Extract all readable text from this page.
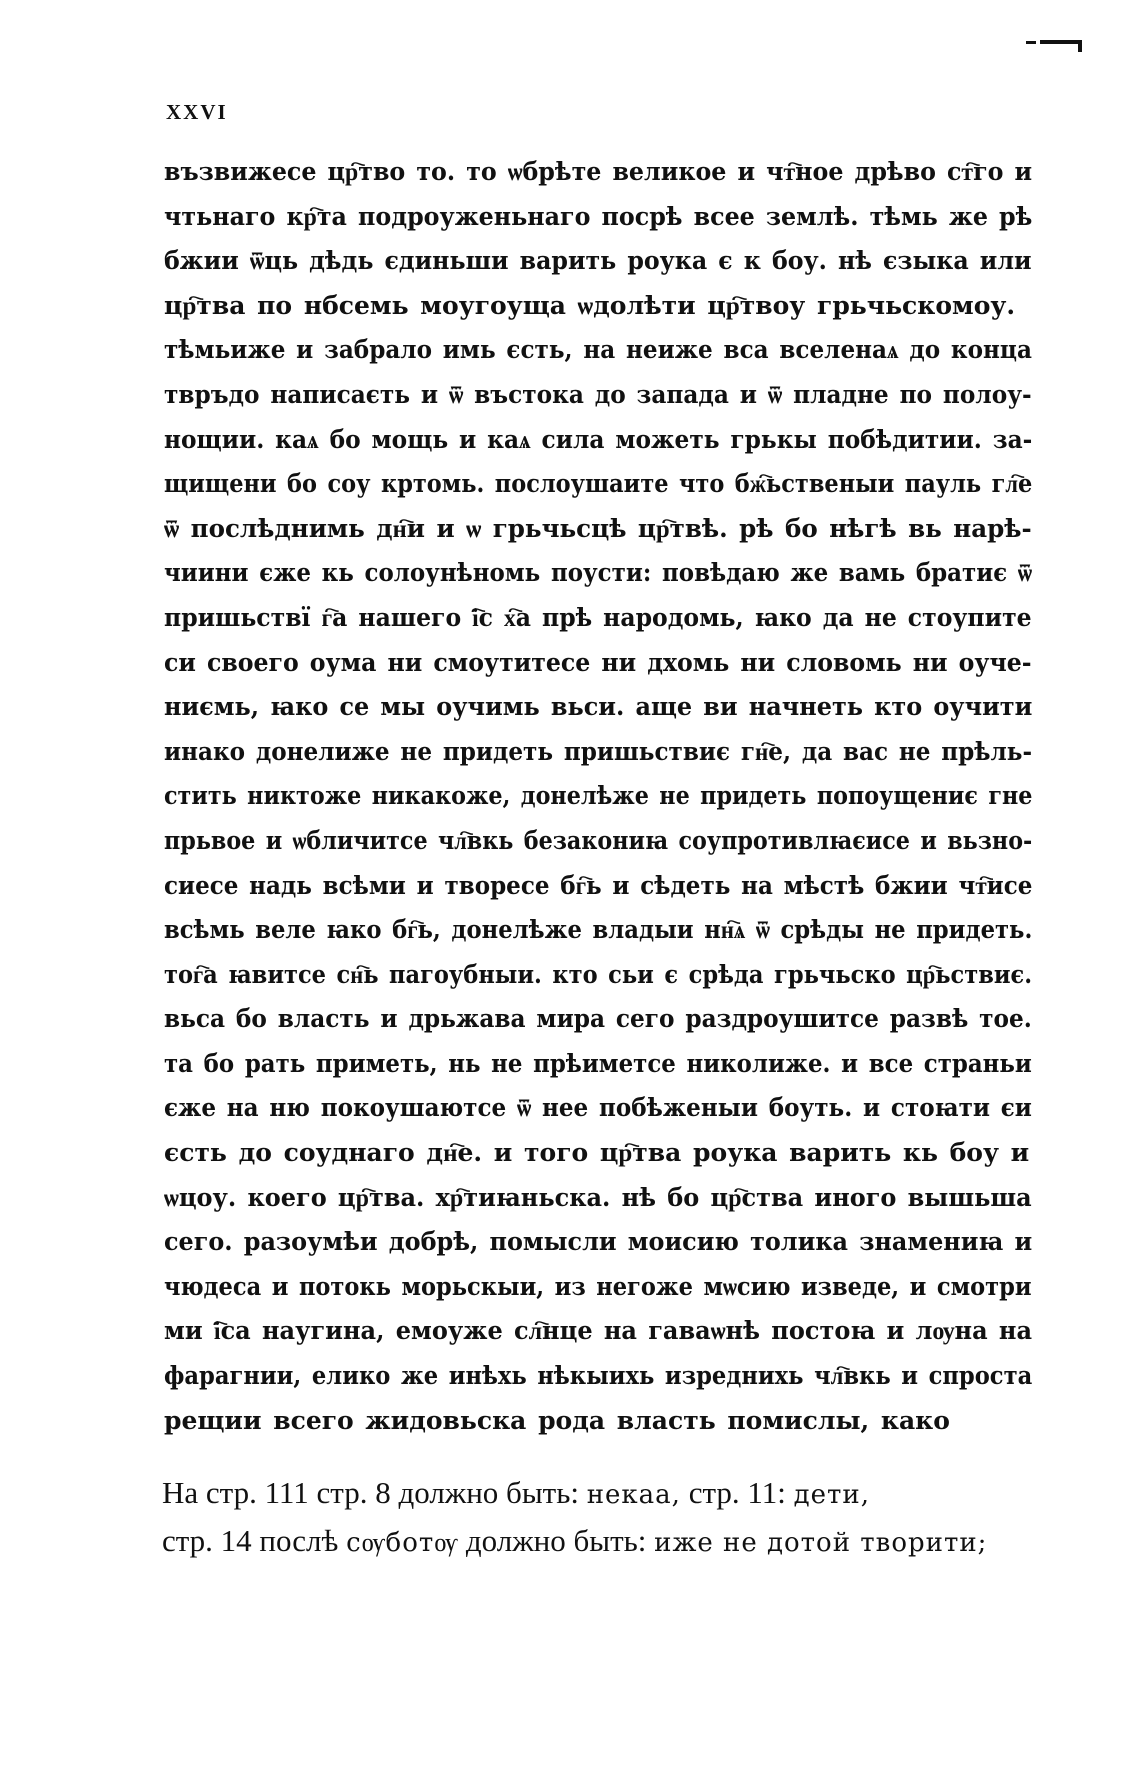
XXVI
възвижесе цр҇тво то. то ѡбрѣте великое и чт҇ное дрѣво ст҇го и
чтьнаго кр҇та подроуженьнаго посрѣ всее землѣ. тѣмь же рѣ
бжии ѿць дѣдь єдиньши варить роука є к боу. нѣ єзыка или
цр҇тва по нбсемь моугоуща ѡдолѣти цр҇твоу грьчьскомоу.
тѣмьиже и забрало имь єсть, на неиже вса вселенаѧ до конца
твръдо написаєть и ѿ въстока до запада и ѿ пладне по полоу-
нощии. каѧ бо мощь и каѧ сила можеть грькы побѣдитии. за-
щищени бо соу кртомь. послоушаите что бж҇ьственыи пауль гл҇е
ѿ послѣднимь дн҇и и ѡ грьчьсцѣ цр҇твѣ. рѣ бо нѣгѣ вь нарѣ-
чиини єже кь солоунѣномь поусти: повѣдаю же вамь братиє ѿ
пришьствї г҇а нашего і҇с х҇а прѣ народомь, ꙗко да не стоупите
си своего оума ни смоутитесе ни дхомь ни словомь ни оуче-
ниємь, ꙗко се мы оучимь вьси. аще ви начнеть кто оучити
инако донелиже не придеть пришьствиє гн҇е, да вас не прѣль-
стить никтоже никакоже, донелѣже не придеть попоущениє гне
прьвое и ѡбличитсе чл҇вкь безакониꙗ соупротивлꙗєисе и вьзно-
сиесе надь всѣми и творесе бг҇ь и сѣдеть на мѣстѣ бжии чт҇исе
всѣмь веле ꙗко бг҇ь, донелѣже владыи нн҇ѧ ѿ срѣды не придеть.
тог҇а ꙗвитсе сн҇ь пагоубныи. кто сьи є срѣда грьчьско цр҇ьствиє.
вьса бо власть и дрьжава мира сего раздроушитсе развѣ тое.
та бо рать приметь, нь не прѣиметсе николиже. и все страньи
єже на ню покоушаютсе ѿ нее побѣженыи боуть. и стоꙗти єи
єсть до соуднаго дн҇е. и того цр҇тва роука варить кь боу и
ѡцоу. коего цр҇тва. хр҇тиꙗньска. нѣ бо цр҇ства иного вышьша
сего. разоумѣи добрѣ, помысли моисию толика знамениꙗ и
чюдеса и потокь морьскыи, из негоже мѡсию изведе, и смотри
ми і҇са наугина, емоуже сл҇нце на гаваѡнѣ постоꙗ и лѹна на
фарагнии, елико же инѣхь нѣкыихь изреднихь чл҇вкь и спроста
рещии всего жидовьска рода власть помислы, како
На стр. 111 стр. 8 должно быть: некаа, стр. 11: дети,
стр. 14 послѣ сѹботѹ должно быть: иже не дотой творити;
